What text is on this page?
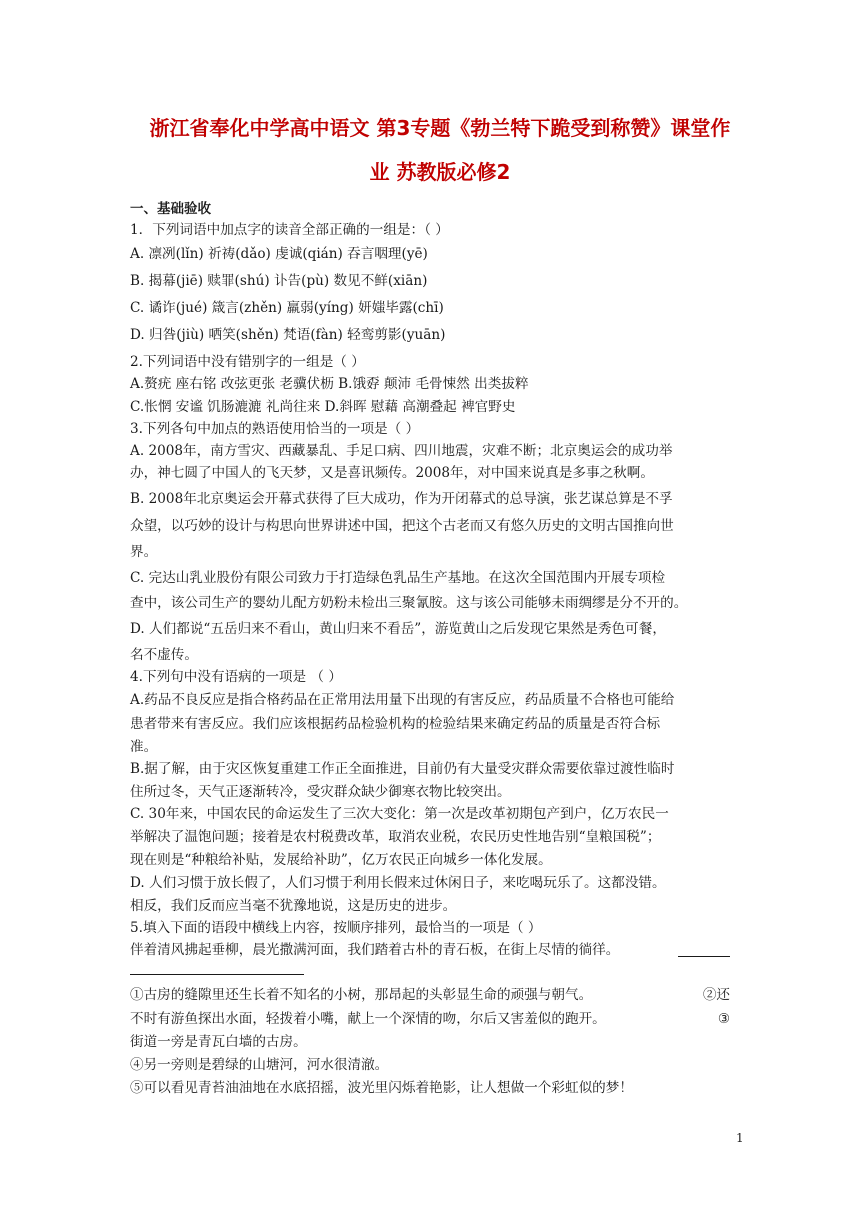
浙江省奉化中学高中语文 第3专题《勃兰特下跪受到称赞》课堂作
业 苏教版必修2
一、基础验收
1．下列词语中加点字的读音全部正确的一组是：（ ）
A. 凛冽(lǐn) 祈祷(dǎo) 虔诚(qián) 吞言咽理(yē)
B. 揭幕(jiē) 赎罪(shú) 讣告(pù) 数见不鲜(xiān)
C. 谲诈(jué) 箴言(zhěn) 羸弱(yíng) 妍媸毕露(chī)
D. 归咎(jiù) 哂笑(shěn) 梵语(fàn) 轻鸾剪影(yuān)
2.下列词语中没有错别字的一组是（ ）
A.赘疣 座右铭 改弦更张 老骥伏枥 B.饿孬 颠沛 毛骨悚然 出类拔粹
C.怅惘 安谧 饥肠漉漉 礼尚往来 D.斜晖 慰藉 高潮叠起 裨官野史
3.下列各句中加点的熟语使用恰当的一项是（ ）
A. 2008年，南方雪灾、西藏暴乱、手足口病、四川地震，灾难不断；北京奥运会的成功举
办，神七圆了中国人的飞天梦，又是喜讯频传。2008年，对中国来说真是多事之秋啊。
B. 2008年北京奥运会开幕式获得了巨大成功，作为开闭幕式的总导演，张艺谋总算是不孚
众望，以巧妙的设计与构思向世界讲述中国，把这个古老而又有悠久历史的文明古国推向世
界。
C. 完达山乳业股份有限公司致力于打造绿色乳品生产基地。在这次全国范围内开展专项检
查中，该公司生产的婴幼儿配方奶粉未检出三聚氰胺。这与该公司能够未雨绸缪是分不开的。
D. 人们都说“五岳归来不看山，黄山归来不看岳”，游览黄山之后发现它果然是秀色可餐，
名不虚传。
4.下列句中没有语病的一项是 （ ）
A.药品不良反应是指合格药品在正常用法用量下出现的有害反应，药品质量不合格也可能给
患者带来有害反应。我们应该根据药品检验机构的检验结果来确定药品的质量是否符合标
准。
B.据了解，由于灾区恢复重建工作正全面推进，目前仍有大量受灾群众需要依靠过渡性临时
住所过冬，天气正逐渐转冷，受灾群众缺少御寒衣物比较突出。
C. 30年来，中国农民的命运发生了三次大变化：第一次是改革初期包产到户，亿万农民一
举解决了温饱问题；接着是农村税费改革，取消农业税，农民历史性地告别“皇粮国税”；
现在则是“种粮给补贴，发展给补助”，亿万农民正向城乡一体化发展。
D. 人们习惯于放长假了，人们习惯于利用长假来过休闲日子，来吃喝玩乐了。这都没错。
相反，我们反而应当毫不犹豫地说，这是历史的进步。
5.填入下面的语段中横线上内容，按顺序排列，最恰当的一项是（ ）
伴着清风拂起垂柳，晨光撒满河面，我们踏着古朴的青石板，在街上尽情的徜徉。
①古房的缝隙里还生长着不知名的小树，那昂起的头彰显生命的顽强与朝气。	②还
不时有游鱼探出水面，轻拨着小嘴，献上一个深情的吻，尔后又害羞似的跑开。	③
街道一旁是青瓦白墙的古房。
④另一旁则是碧绿的山塘河，河水很清澈。
⑤可以看见青苔油油地在水底招摇，波光里闪烁着艳影，让人想做一个彩虹似的梦！
1
